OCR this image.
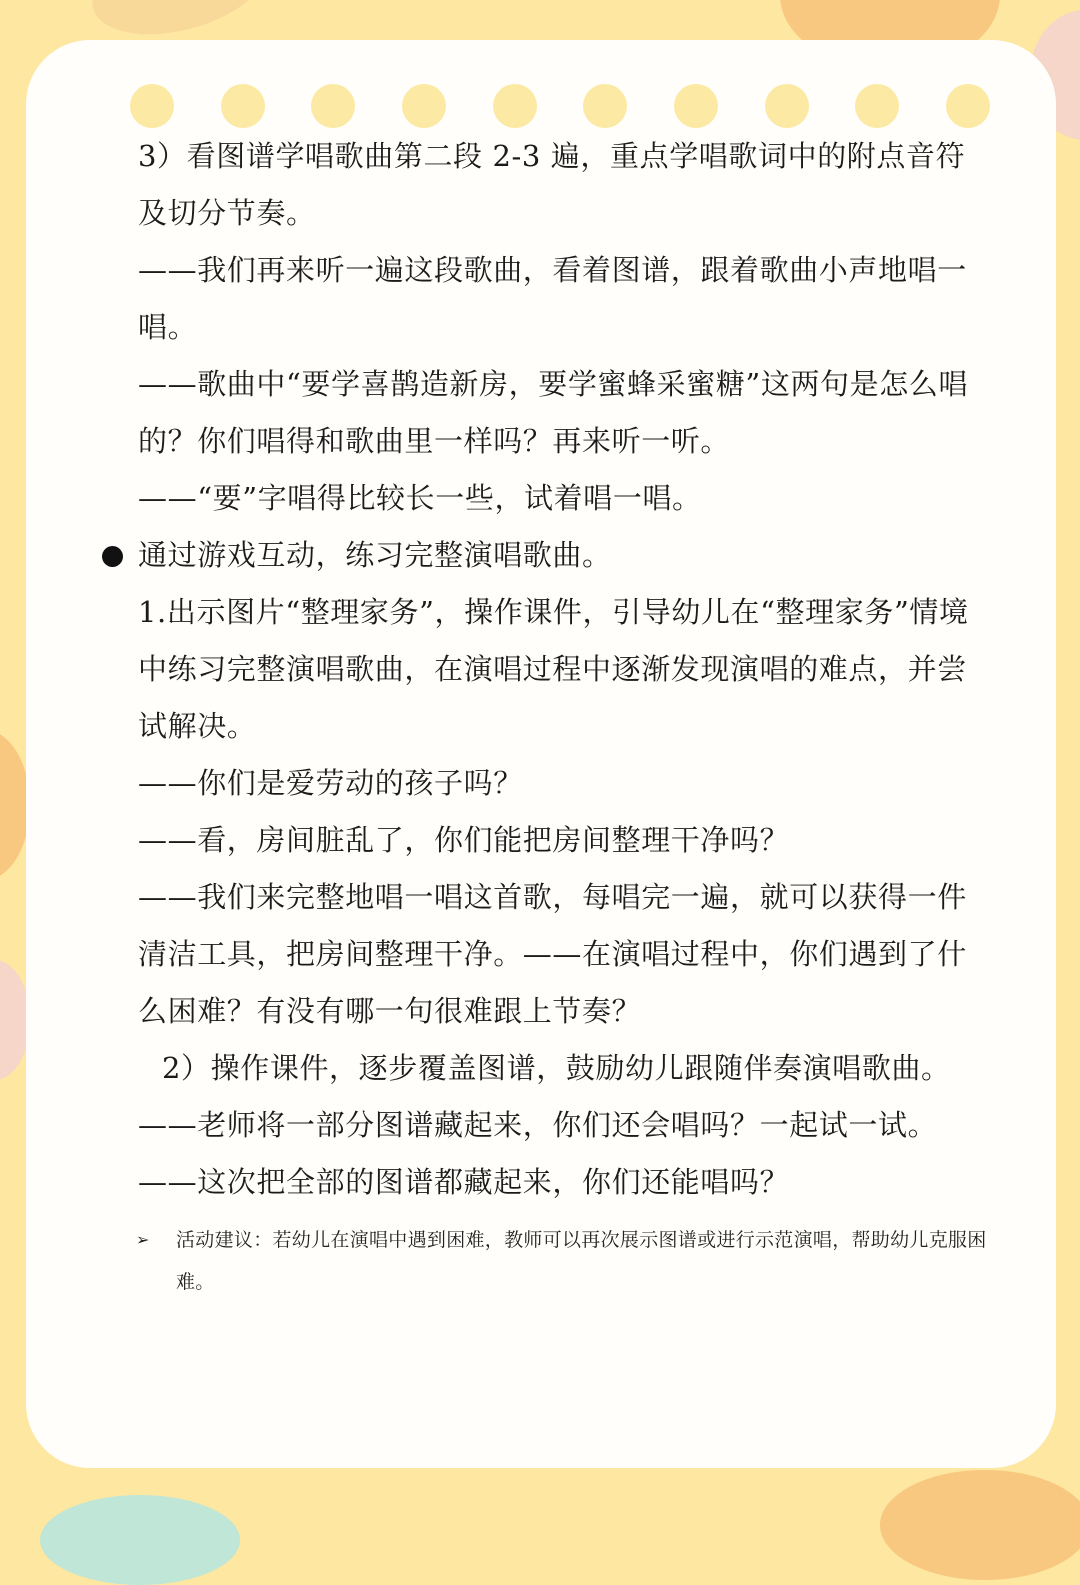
3）看图谱学唱歌曲第二段 2-3 遍，重点学唱歌词中的附点音符及切分节奏。

——我们再来听一遍这段歌曲，看着图谱，跟着歌曲小声地唱一唱。

——歌曲中“要学喜鹊造新房，要学蜜蜂采蜜糖”这两句是怎么唱的？你们唱得和歌曲里一样吗？再来听一听。

——“要”字唱得比较长一些，试着唱一唱。

通过游戏互动，练习完整演唱歌曲。

1.出示图片“整理家务”，操作课件，引导幼儿在“整理家务”情境中练习完整演唱歌曲，在演唱过程中逐渐发现演唱的难点，并尝试解决。

——你们是爱劳动的孩子吗？

——看，房间脏乱了，你们能把房间整理干净吗？

——我们来完整地唱一唱这首歌，每唱完一遍，就可以获得一件清洁工具，把房间整理干净。——在演唱过程中，你们遇到了什么困难？有没有哪一句很难跟上节奏？

2）操作课件，逐步覆盖图谱，鼓励幼儿跟随伴奏演唱歌曲。

——老师将一部分图谱藏起来，你们还会唱吗？一起试一试。

——这次把全部的图谱都藏起来，你们还能唱吗？

➢ 活动建议：若幼儿在演唱中遇到困难，教师可以再次展示图谱或进行示范演唱，帮助幼儿克服困难。
